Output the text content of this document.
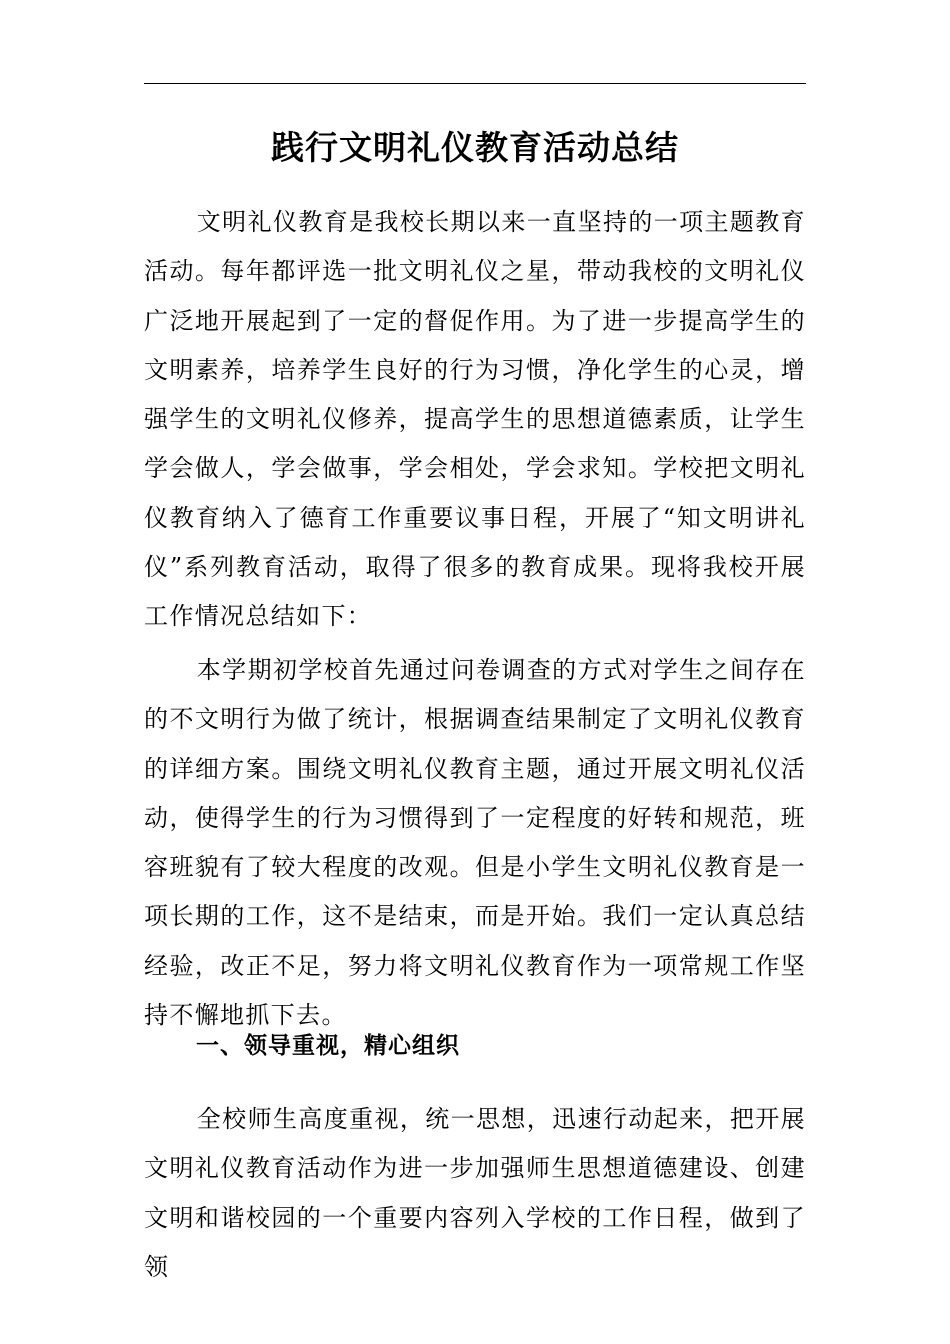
践行文明礼仪教育活动总结

文明礼仪教育是我校长期以来一直坚持的一项主题教育活动。每年都评选一批文明礼仪之星，带动我校的文明礼仪广泛地开展起到了一定的督促作用。为了进一步提高学生的文明素养，培养学生良好的行为习惯，净化学生的心灵，增强学生的文明礼仪修养，提高学生的思想道德素质，让学生学会做人，学会做事，学会相处，学会求知。学校把文明礼仪教育纳入了德育工作重要议事日程，开展了“知文明讲礼仪”系列教育活动，取得了很多的教育成果。现将我校开展工作情况总结如下：

本学期初学校首先通过问卷调查的方式对学生之间存在的不文明行为做了统计，根据调查结果制定了文明礼仪教育的详细方案。围绕文明礼仪教育主题，通过开展文明礼仪活动，使得学生的行为习惯得到了一定程度的好转和规范，班容班貌有了较大程度的改观。但是小学生文明礼仪教育是一项长期的工作，这不是结束，而是开始。我们一定认真总结经验，改正不足，努力将文明礼仪教育作为一项常规工作坚持不懈地抓下去。

一、领导重视，精心组织

全校师生高度重视，统一思想，迅速行动起来，把开展文明礼仪教育活动作为进一步加强师生思想道德建设、创建文明和谐校园的一个重要内容列入学校的工作日程，做到了领
